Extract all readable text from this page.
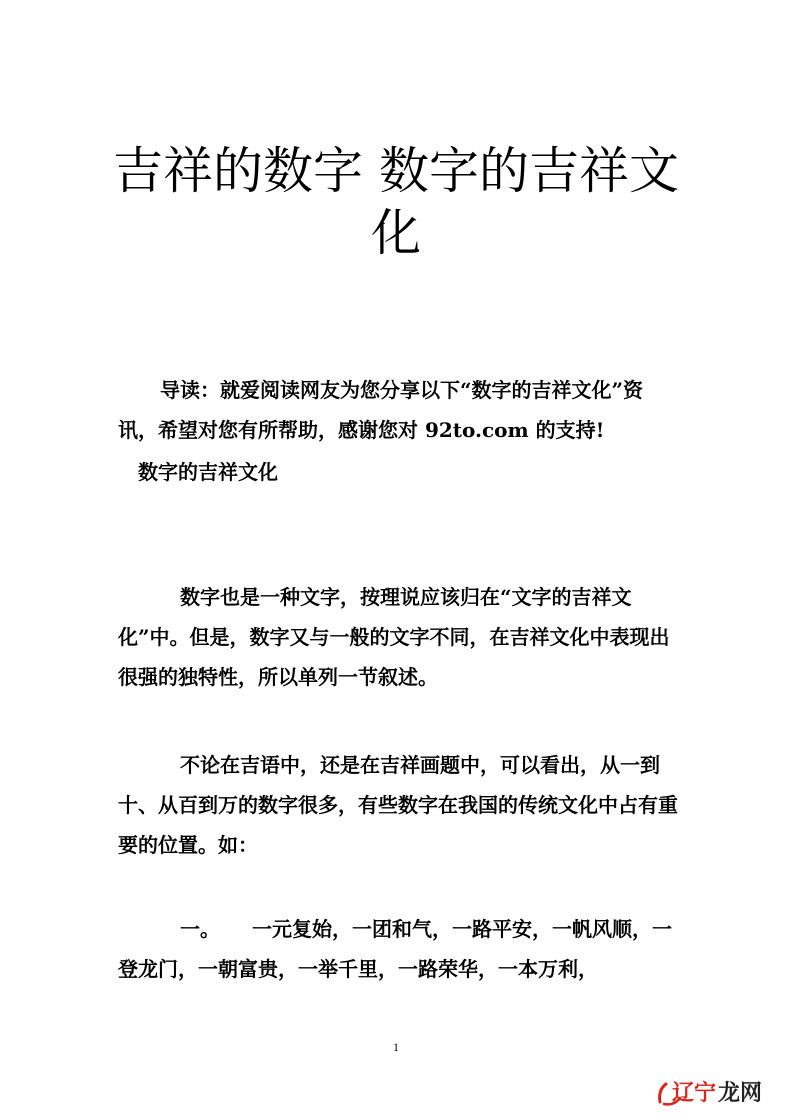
吉祥的数字 数字的吉祥文
化

导读：就爱阅读网友为您分享以下“数字的吉祥文化”资讯，希望对您有所帮助，感谢您对 92to.com 的支持!

数字的吉祥文化

数字也是一种文字，按理说应该归在“文字的吉祥文化”中。但是，数字又与一般的文字不同，在吉祥文化中表现出很强的独特性，所以单列一节叙述。

不论在吉语中，还是在吉祥画题中，可以看出，从一到十、从百到万的数字很多，有些数字在我国的传统文化中占有重要的位置。如：

一。 一元复始，一团和气，一路平安，一帆风顺，一登龙门，一朝富贵，一举千里，一路荣华，一本万利，

1
辽宁 龙网
